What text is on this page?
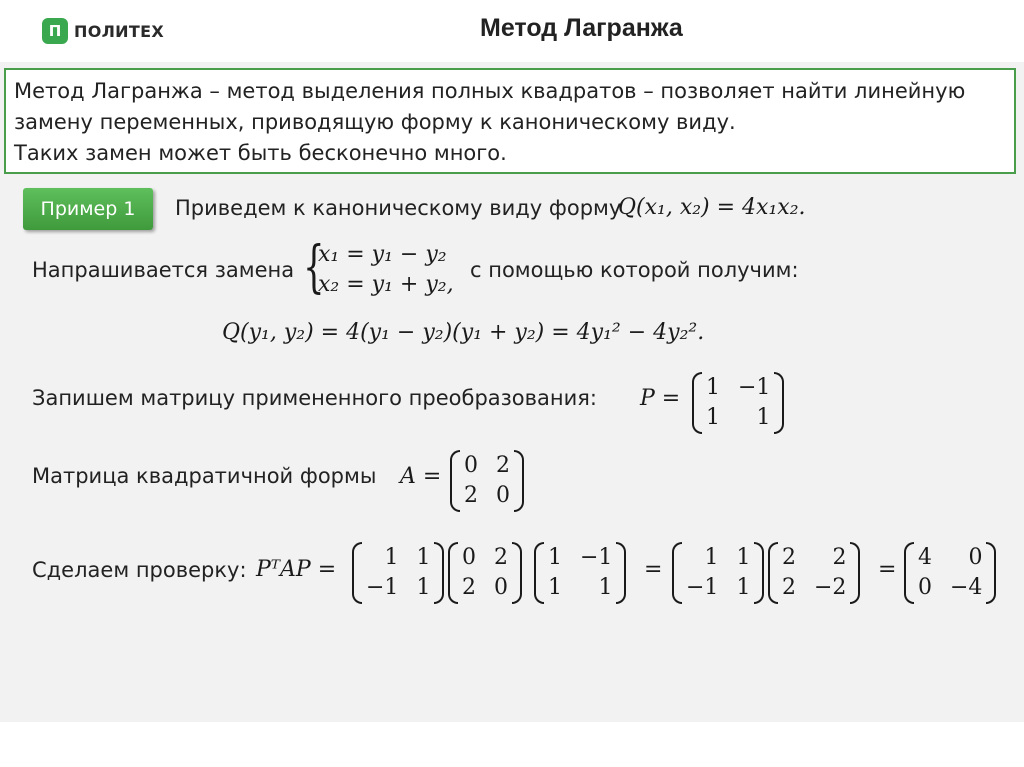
П ПОЛИТЕХ	Метод Лагранжа
Метод Лагранжа – метод выделения полных квадратов – позволяет найти линейную
замену переменных, приводящую форму к каноническому виду.
Таких замен может быть бесконечно много.
Пример 1	Приведем к каноническому виду форму
Q(x₁, x₂) = 4x₁x₂.
Напрашивается замена {
x₁ = y₁ − y₂
x₂ = y₁ + y₂,
с помощью которой получим:
Q(y₁, y₂) = 4(y₁ − y₂)(y₁ + y₂) = 4y₁² − 4y₂².
Запишем матрицу примененного преобразования: P = 1 −1
1	1
Матрица квадратичной формы A = 0 2
2 0
Сделаем проверку: PᵀAP =	1 1
−1 1
0 2
2 0
1 −1
1	1
=	1 1
−1 1
2	2
2 −2
= 4	0
0 −4
